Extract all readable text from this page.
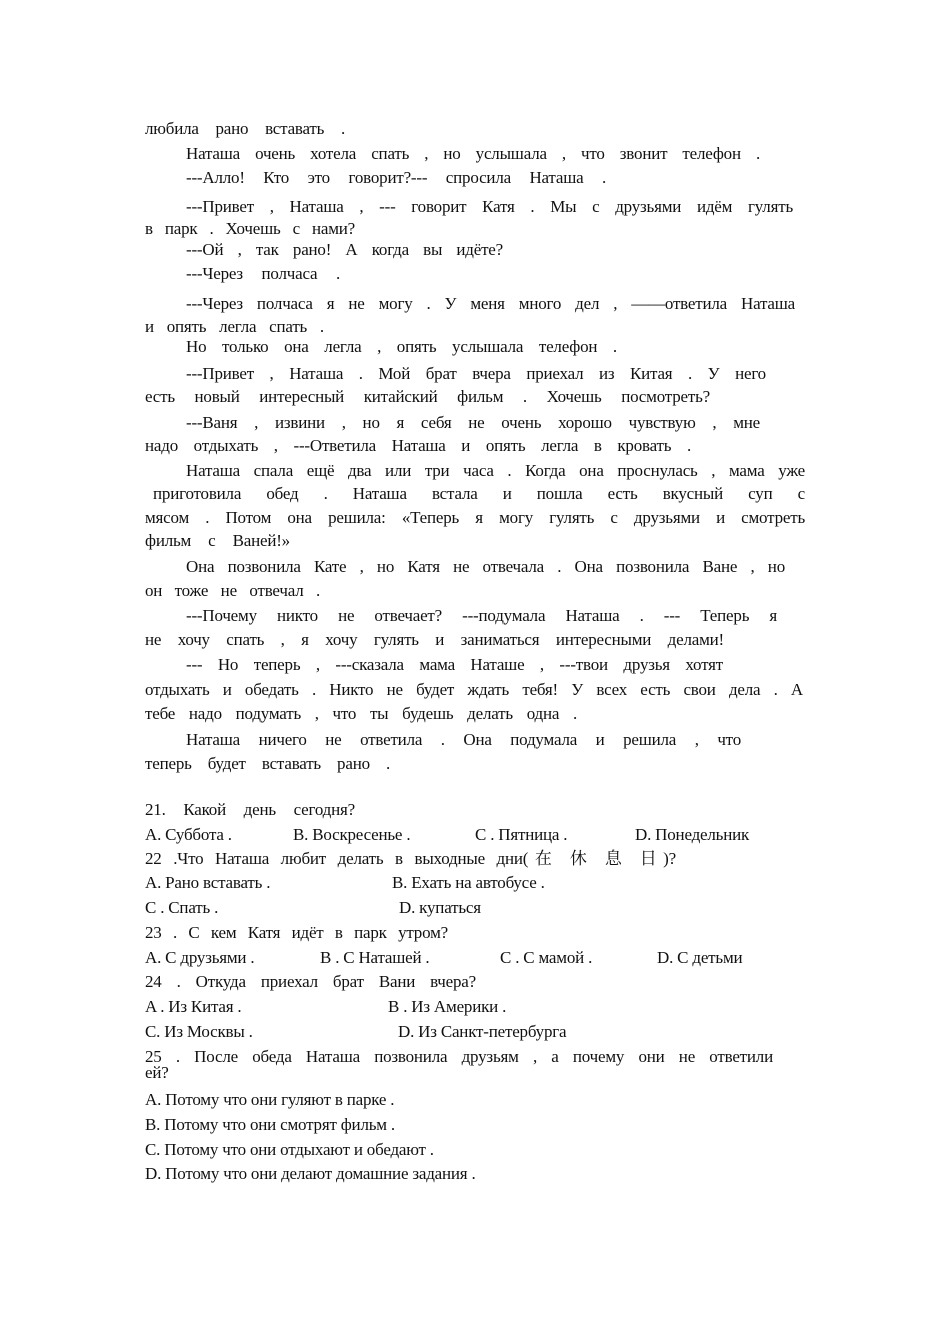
любила рано вставать .
Наташа очень хотела спать , но услышала , что звонит телефон .
---Алло! Кто это говорит?--- спросила Наташа .
---Привет , Наташа , --- говорит Катя . Мы с друзьями идём гулять
в парк . Хочешь с нами?
---Ой , так рано! А когда вы идёте?
---Через полчаса .
---Через полчаса я не могу . У меня много дел , ——ответила Наташа
и опять легла спать .
Но только она легла , опять услышала телефон .
---Привет , Наташа . Мой брат вчера приехал из Китая . У него
есть новый интересный китайский фильм . Хочешь посмотреть?
---Ваня , извини , но я себя не очень хорошо чувствую , мне
надо отдыхать , ---Ответила Наташа и опять легла в кровать .
Наташа спала ещё два или три часа . Когда она проснулась , мама уже
приготовила обед . Наташа встала и пошла есть вкусный суп с
мясом . Потом она решила: «Теперь я могу гулять с друзьями и смотреть
фильм с Ваней!»
Она позвонила Кате , но Катя не отвечала . Она позвонила Ване , но
он тоже не отвечал .
---Почему никто не отвечает? ---подумала Наташа . --- Теперь я
не хочу спать , я хочу гулять и заниматься интересными делами!
--- Но теперь , ---сказала мама Наташе , ---твои друзья хотят
отдыхать и обедать . Никто не будет ждать тебя! У всех есть свои дела . А
тебе надо подумать , что ты будешь делать одна .
Наташа ничего не ответила . Она подумала и решила , что
теперь будет вставать рано .
21. Какой день сегодня?
A. Суббота .	B. Воскресенье .	C . Пятница .	D. Понедельник
22 .Что Наташа любит делать в выходные дни(在 休 息 日)?
A. Рано вставать .	B. Ехать на автобусе .
C . Спать .	D. купаться
23 . С кем Катя идёт в парк утром?
A. С друзьями .	B . С Наташей .	C . С мамой .	D. С детьми
24 . Откуда приехал брат Вани вчера?
A . Из Китая .	B . Из Америки .
C. Из Москвы .	D. Из Санкт-петербурга
25 . После обеда Наташа позвонила друзьям , а почему они не ответили
ей?
A. Потому что они гуляют в парке .
B. Потому что они смотрят фильм .
C. Потому что они отдыхают и обедают .
D. Потому что они делают домашние задания .
